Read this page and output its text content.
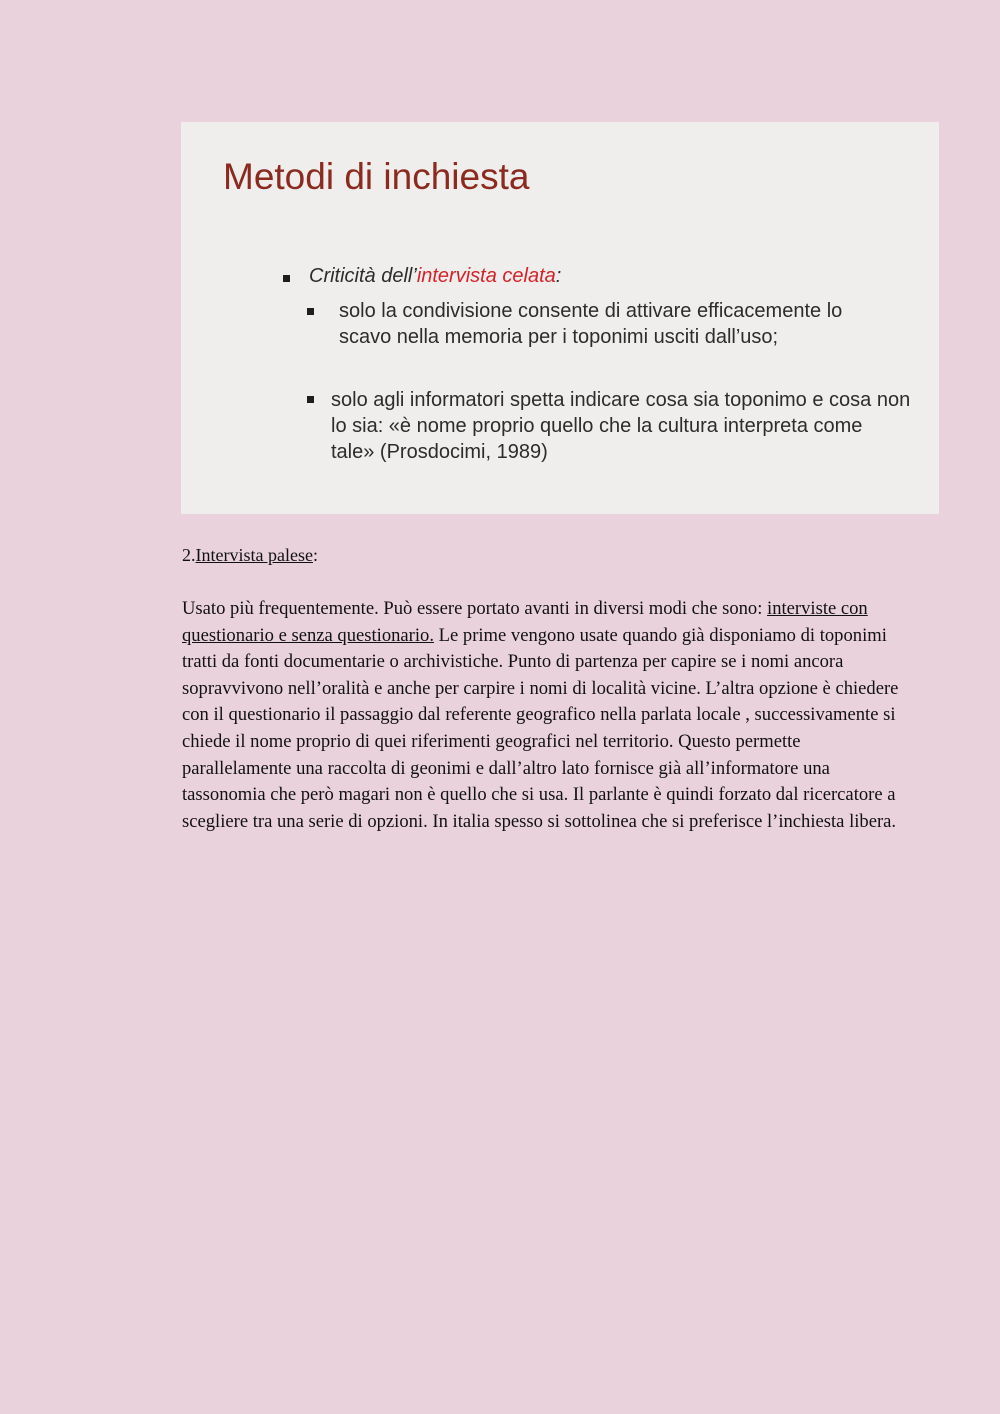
Metodi di inchiesta
Criticità dell’intervista celata:
solo la condivisione consente di attivare efficacemente lo scavo nella memoria per i toponimi usciti dall’uso;
solo agli informatori spetta indicare cosa sia toponimo e cosa non lo sia: «è nome proprio quello che la cultura interpreta come tale» (Prosdocimi, 1989)
2.Intervista palese:

Usato più frequentemente. Può essere portato avanti in diversi modi che sono: interviste con questionario e senza questionario. Le prime vengono usate quando già disponiamo di toponimi tratti da fonti documentarie o archivistiche. Punto di partenza per capire se i nomi ancora sopravvivono nell’oralità e anche per carpire i nomi di località vicine. L’altra opzione è chiedere con il questionario il passaggio dal referente geografico nella parlata locale , successivamente si chiede il nome proprio di quei riferimenti geografici nel territorio. Questo permette parallelamente una raccolta di geonimi e dall’altro lato fornisce già all’informatore una tassonomia che però magari non è quello che si usa. Il parlante è quindi forzato dal ricercatore a scegliere tra una serie di opzioni. In italia spesso si sottolinea che si preferisce l’inchiesta libera.
